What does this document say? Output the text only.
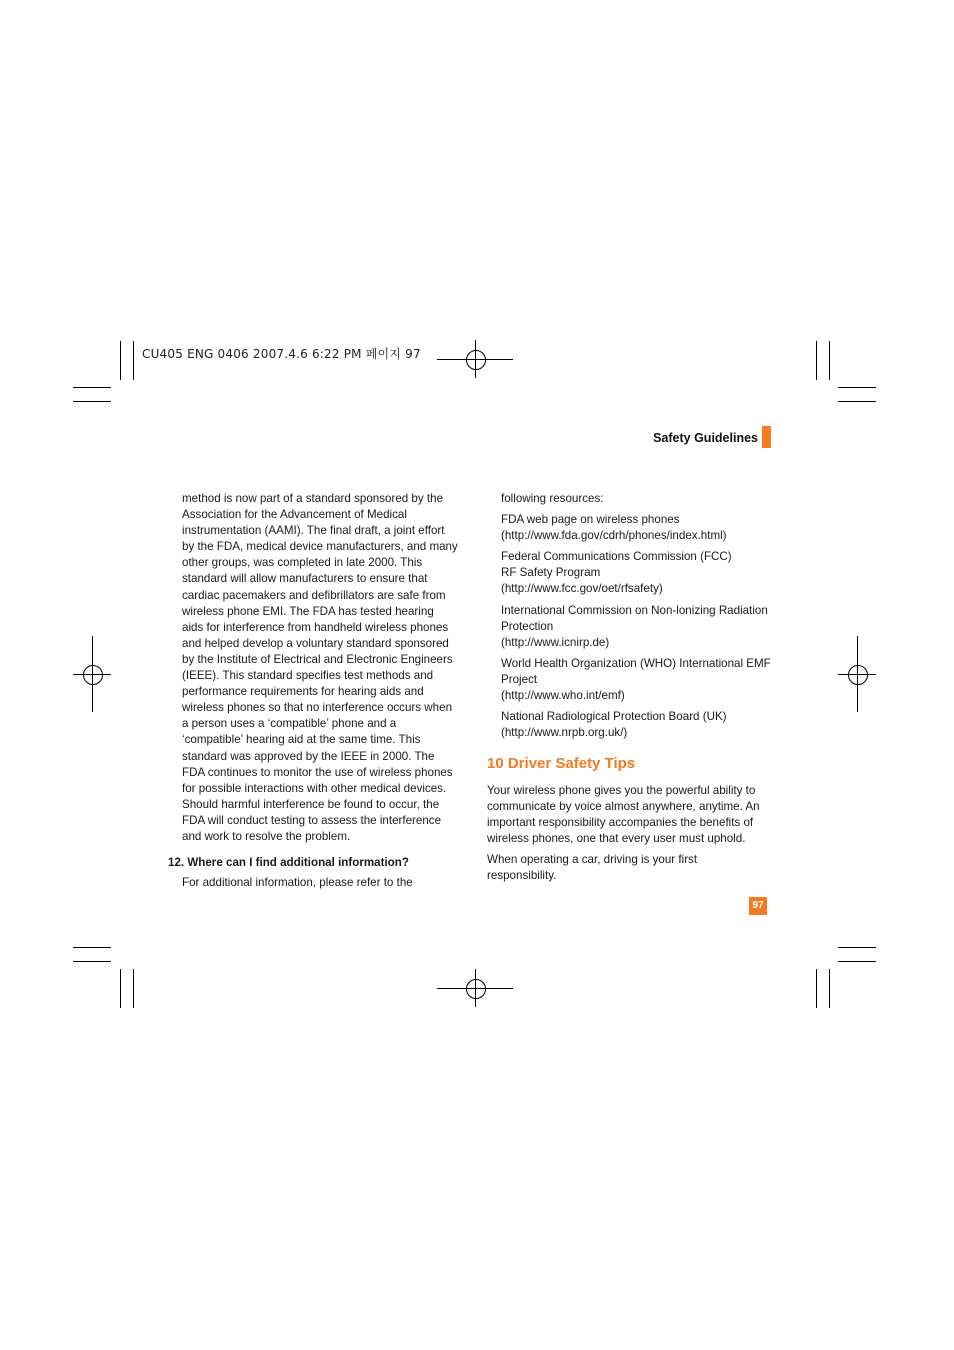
CU405 ENG 0406 2007.4.6 6:22 PM 페이지 97
Safety Guidelines

method is now part of a standard sponsored by the Association for the Advancement of Medical instrumentation (AAMI). The final draft, a joint effort by the FDA, medical device manufacturers, and many other groups, was completed in late 2000. This standard will allow manufacturers to ensure that cardiac pacemakers and defibrillators are safe from wireless phone EMI. The FDA has tested hearing aids for interference from handheld wireless phones and helped develop a voluntary standard sponsored by the Institute of Electrical and Electronic Engineers (IEEE). This standard specifies test methods and performance requirements for hearing aids and wireless phones so that no interference occurs when a person uses a ‘compatible’ phone and a ‘compatible’ hearing aid at the same time. This standard was approved by the IEEE in 2000. The FDA continues to monitor the use of wireless phones for possible interactions with other medical devices. Should harmful interference be found to occur, the FDA will conduct testing to assess the interference and work to resolve the problem.

12. Where can I find additional information?
For additional information, please refer to the

following resources:

FDA web page on wireless phones
(http://www.fda.gov/cdrh/phones/index.html)

Federal Communications Commission (FCC) RF Safety Program
(http://www.fcc.gov/oet/rfsafety)

International Commission on Non-lonizing Radiation Protection
(http://www.icnirp.de)

World Health Organization (WHO) International EMF Project
(http://www.who.int/emf)

National Radiological Protection Board (UK)
(http://www.nrpb.org.uk/)

10 Driver Safety Tips

Your wireless phone gives you the powerful ability to communicate by voice almost anywhere, anytime. An important responsibility accompanies the benefits of wireless phones, one that every user must uphold.

When operating a car, driving is your first responsibility.

97
